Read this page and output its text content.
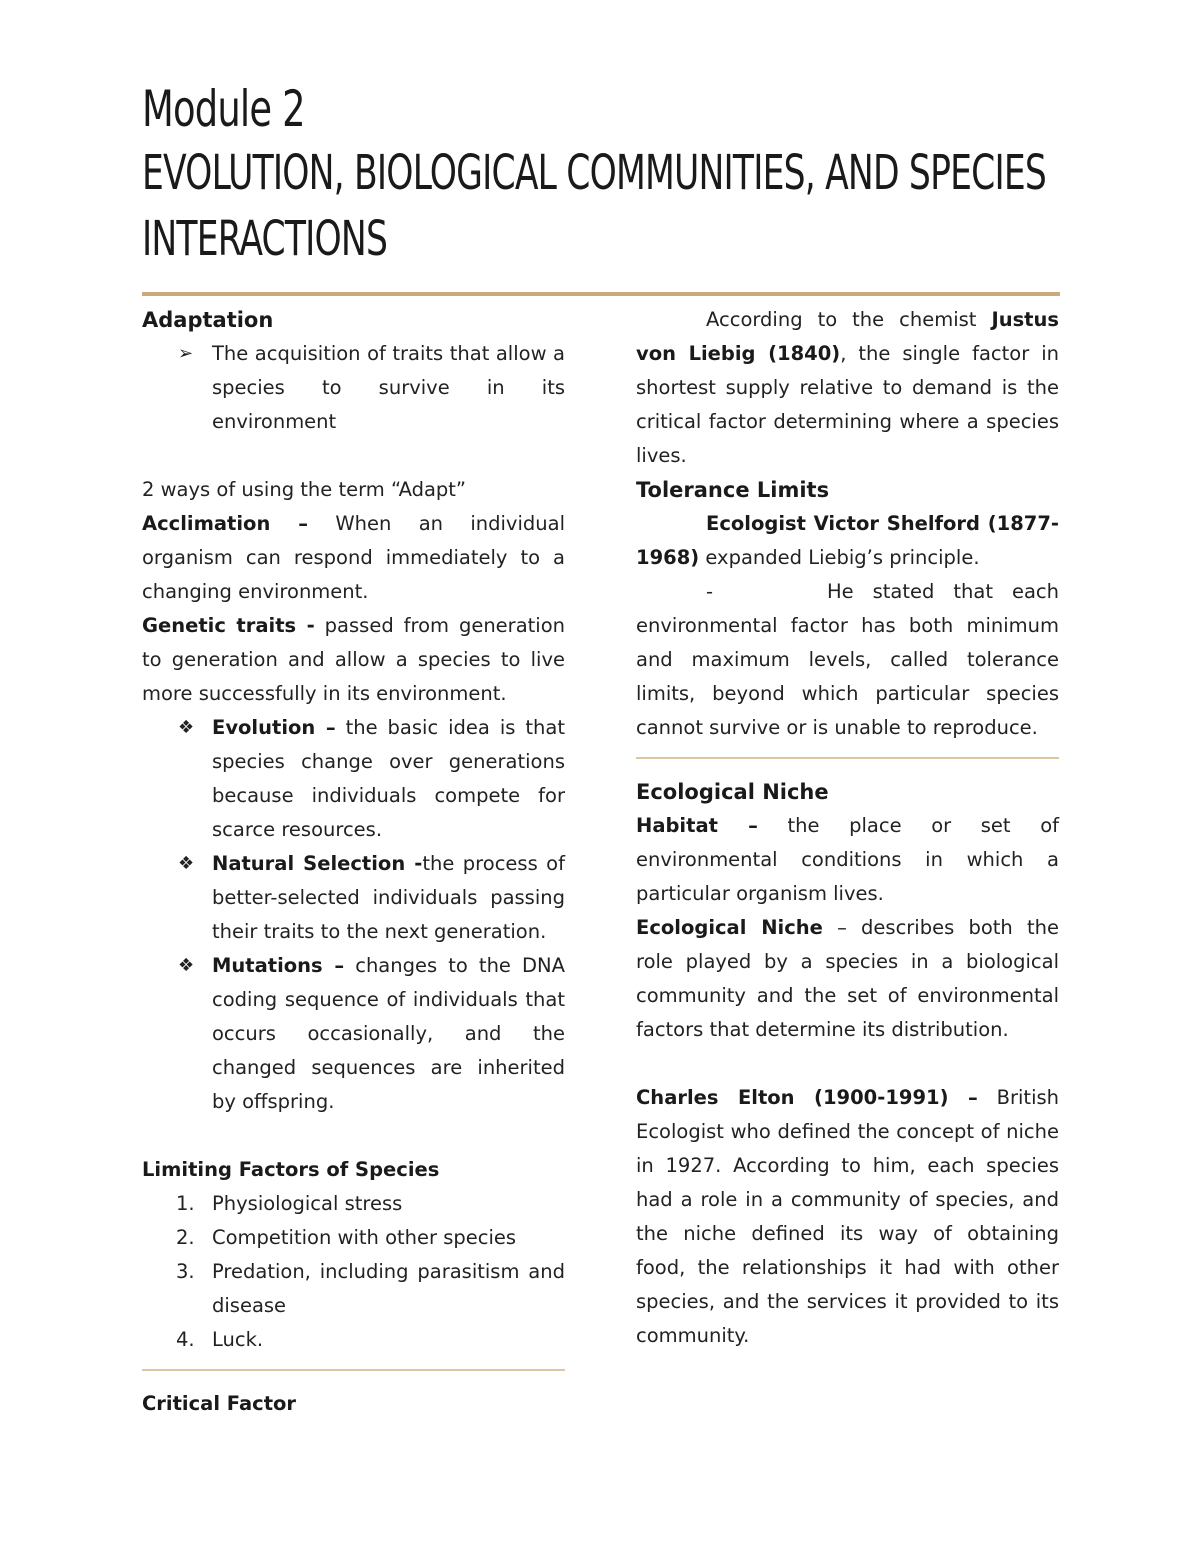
Module 2
EVOLUTION, BIOLOGICAL COMMUNITIES, AND SPECIES INTERACTIONS

Adaptation

➢ The acquisition of traits that allow a species to survive in its environment

2 ways of using the term “Adapt”

Acclimation – When an individual organism can respond immediately to a changing environment.

Genetic traits - passed from generation to generation and allow a species to live more successfully in its environment.

❖ Evolution – the basic idea is that species change over generations because individuals compete for scarce resources.
❖ Natural Selection -the process of better-selected individuals passing their traits to the next generation.
❖ Mutations – changes to the DNA coding sequence of individuals that occurs occasionally, and the changed sequences are inherited by offspring.

Limiting Factors of Species

1. Physiological stress
2. Competition with other species
3. Predation, including parasitism and disease
4. Luck.

Critical Factor

According to the chemist Justus von Liebig (1840), the single factor in shortest supply relative to demand is the critical factor determining where a species lives.

Tolerance Limits

Ecologist Victor Shelford (1877-1968) expanded Liebig’s principle.

-	He stated that each environmental factor has both minimum and maximum levels, called tolerance limits, beyond which particular species cannot survive or is unable to reproduce.

Ecological Niche

Habitat – the place or set of environmental conditions in which a particular organism lives.

Ecological Niche – describes both the role played by a species in a biological community and the set of environmental factors that determine its distribution.

Charles Elton (1900-1991) – British Ecologist who defined the concept of niche in 1927. According to him, each species had a role in a community of species, and the niche defined its way of obtaining food, the relationships it had with other species, and the services it provided to its community.
